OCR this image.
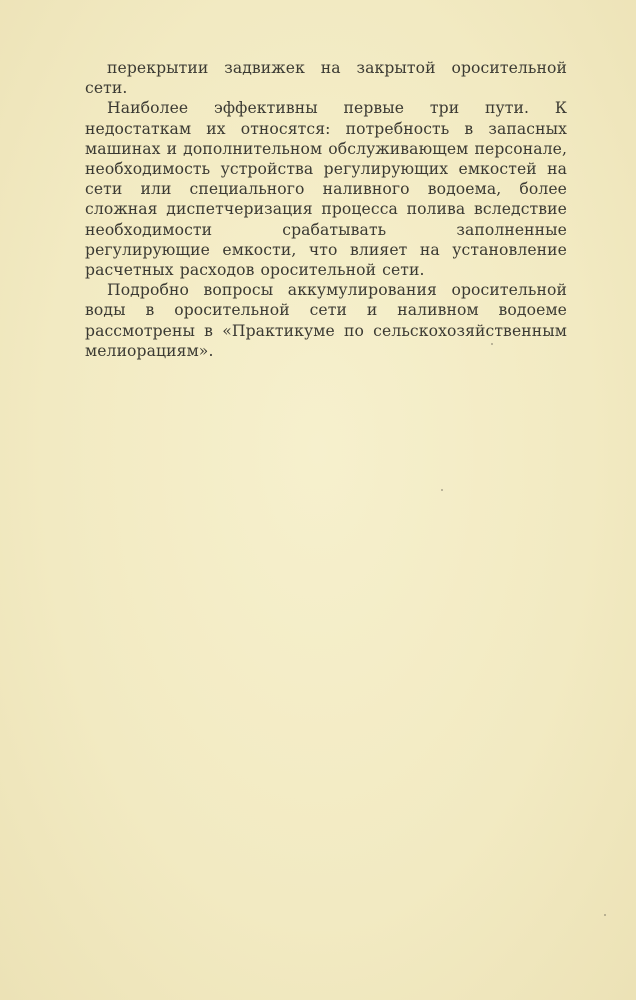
перекрытии задвижек на закрытой оросительной сети.

Наиболее эффективны первые три пути. К недостаткам их относятся: потребность в запасных машинах и дополнительном обслуживающем персонале, необходимость устройства регулирующих емкостей на сети или специального наливного водоема, более сложная диспетчеризация процесса полива вследствие необходимости срабатывать заполненные регулирующие емкости, что влияет на установление расчетных расходов оросительной сети.

Подробно вопросы аккумулирования оросительной воды в оросительной сети и наливном водоеме рассмотрены в «Практикуме по сельскохозяйственным мелиорациям».
